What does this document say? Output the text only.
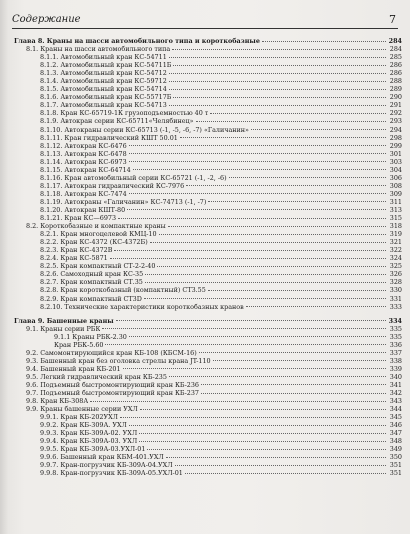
Содержание	7
Глава 8. Краны на шасси автомобильного типа и короткобазные	284
8.1. Краны на шасси автомобильного типа	284
8.1.1. Автомобильный кран КС-54711	285
8.1.2. Автомобильный кран КС-54711Б	286
8.1.3. Автомобильный кран КС-54712	286
8.1.4. Автомобильный кран КС-59712	288
8.1.5. Автомобильный кран КС-54714	289
8.1.6. Автомобильный кран КС-55717Б	290
8.1.7. Автомобильный кран КС-54713	291
8.1.8. Кран КС-65719-1К грузоподъемностью 40 т	292
8.1.9. Автокран серии КС-65711«Челябинец»	293
8.1.10. Автокраны серии КС-65713 (-1, -5, -6, -7) «Галичанин»	294
8.1.11. Кран гидравлический КШТ 50.01	298
8.1.12. Автокран КС-6476	299
8.1.13. Автокран КС-6478	301
8.1.14. Автокран КС-6973	303
8.1.15. Автокран КС-64714	304
8.1.16. Кран автомобильный серии КС-65721 (-1, -2, -6)	306
8.1.17. Автокран гидравлический КС-7976	308
8.1.18. Автокран КС-7474	309
8.1.19. Автокраны «Галичанин» КС-74713 (-1, -7)	311
8.1.20. Автокран КШТ-80	313
8.1.21. Кран КС—6973	315
8.2. Короткобазные и компактные краны	318
8.2.1. Кран многоцелевой КМЦ-10	319
8.2.2. Кран КС-4372 (КС-4372Б)	321
8.2.3. Кран КС-4372В	322
8.2.4. Кран КС-5871	324
8.2.5. Кран компактный СТ-2-2-40	325
8.2.6. Самоходный кран КС-35	326
8.2.7. Кран компактный СТ.35	328
8.2.8. Кран короткобазный (компактный) СТ3.55	330
8.2.9. Кран компактный СТ3D	331
8.2.10. Технические характеристики короткобазных кранов	333
Глава 9. Башенные краны	334
9.1. Краны серии РБК	335
9.1.1 Краны РБК-2.30	335
Кран РБК-5.60	336
9.2. Самомонтирующийся кран КБ-108 (КБСМ-16)	337
9.3. Башенный кран без оголовка стрелы крана JT-110	338
9.4. Башенный кран КБ-201	339
9.5. Легкий гидравлический кран КБ-235	340
9.6. Подъемный быстромонтирующий кран КБ-236	341
9.7. Подъемный быстромонтирующий кран КБ-237	342
9.8. Кран КБ-308А	343
9.9. Краны башенные серии УХЛ	344
9.9.1. Кран КБ-202УХЛ	345
9.9.2. Кран КБ-309А. УХЛ	346
9.9.3. Кран КБ-309А-02. УХЛ	347
9.9.4. Кран КБ-309А-03. УХЛ	348
9.9.5. Кран КБ-309А-03.УХЛ-01	349
9.9.6. Башенный кран КБМ-401.УХЛ	350
9.9.7. Кран-погрузчик КБ-309А-04.УХЛ	351
9.9.8. Кран-погрузчик КБ-309А-05.УХЛ-01	351
